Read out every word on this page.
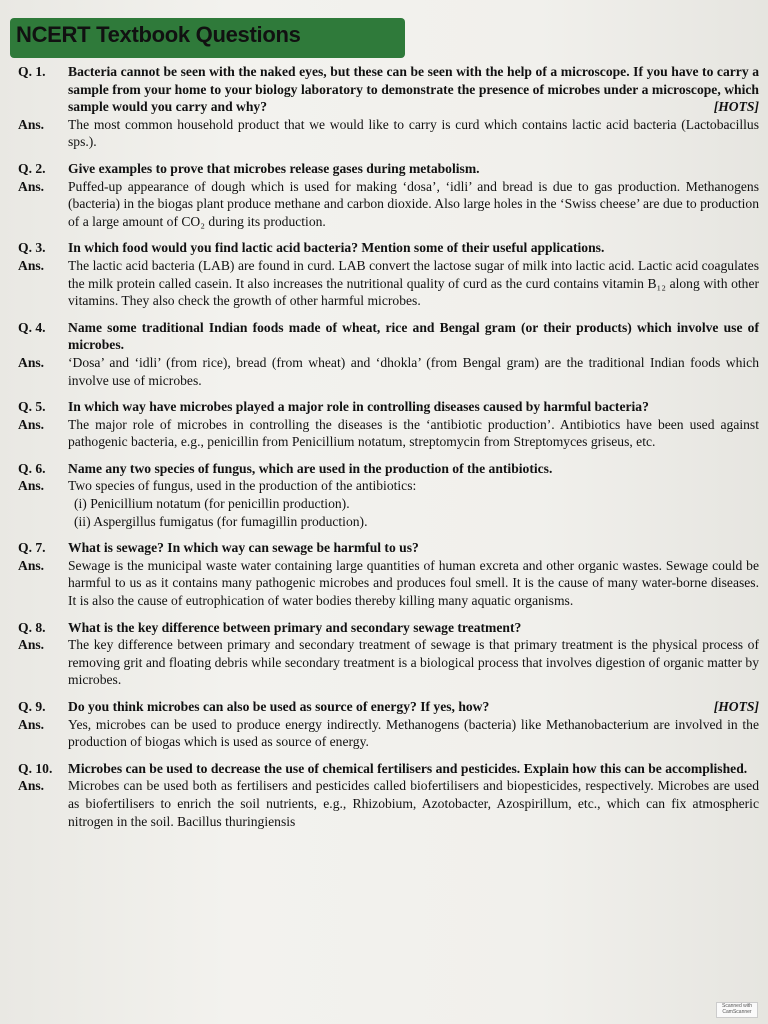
NCERT Textbook Questions
Q. 1.	Bacteria cannot be seen with the naked eyes, but these can be seen with the help of a microscope. If you have to carry a sample from your home to your biology laboratory to demonstrate the presence of microbes under a microscope, which sample would you carry and why?	[HOTS]
Ans.	The most common household product that we would like to carry is curd which contains lactic acid bacteria (Lactobacillus sps.).
Q. 2.	Give examples to prove that microbes release gases during metabolism.
Ans.	Puffed-up appearance of dough which is used for making ‘dosa’, ‘idli’ and bread is due to gas production. Methanogens (bacteria) in the biogas plant produce methane and carbon dioxide. Also large holes in the ‘Swiss cheese’ are due to production of a large amount of CO₂ during its production.
Q. 3.	In which food would you find lactic acid bacteria? Mention some of their useful applications.
Ans.	The lactic acid bacteria (LAB) are found in curd. LAB convert the lactose sugar of milk into lactic acid. Lactic acid coagulates the milk protein called casein. It also increases the nutritional quality of curd as the curd contains vitamin B₁₂ along with other vitamins. They also check the growth of other harmful microbes.
Q. 4.	Name some traditional Indian foods made of wheat, rice and Bengal gram (or their products) which involve use of microbes.
Ans.	‘Dosa’ and ‘idli’ (from rice), bread (from wheat) and ‘dhokla’ (from Bengal gram) are the traditional Indian foods which involve use of microbes.
Q. 5.	In which way have microbes played a major role in controlling diseases caused by harmful bacteria?
Ans.	The major role of microbes in controlling the diseases is the ‘antibiotic production’. Antibiotics have been used against pathogenic bacteria, e.g., penicillin from Penicillium notatum, streptomycin from Streptomyces griseus, etc.
Q. 6.	Name any two species of fungus, which are used in the production of the antibiotics.
Ans.	Two species of fungus, used in the production of the antibiotics:
(i) Penicillium notatum (for penicillin production).
(ii) Aspergillus fumigatus (for fumagillin production).
Q. 7.	What is sewage? In which way can sewage be harmful to us?
Ans.	Sewage is the municipal waste water containing large quantities of human excreta and other organic wastes. Sewage could be harmful to us as it contains many pathogenic microbes and produces foul smell. It is the cause of many water-borne diseases. It is also the cause of eutrophication of water bodies thereby killing many aquatic organisms.
Q. 8.	What is the key difference between primary and secondary sewage treatment?
Ans.	The key difference between primary and secondary treatment of sewage is that primary treatment is the physical process of removing grit and floating debris while secondary treatment is a biological process that involves digestion of organic matter by microbes.
Q. 9.	Do you think microbes can also be used as source of energy? If yes, how?	[HOTS]
Ans.	Yes, microbes can be used to produce energy indirectly. Methanogens (bacteria) like Methanobacterium are involved in the production of biogas which is used as source of energy.
Q. 10.	Microbes can be used to decrease the use of chemical fertilisers and pesticides. Explain how this can be accomplished.
Ans.	Microbes can be used both as fertilisers and pesticides called biofertilisers and biopesticides, respectively. Microbes are used as biofertilisers to enrich the soil nutrients, e.g., Rhizobium, Azotobacter, Azospirillum, etc., which can fix atmospheric nitrogen in the soil. Bacillus thuringiensis
Scanned with CamScanner
